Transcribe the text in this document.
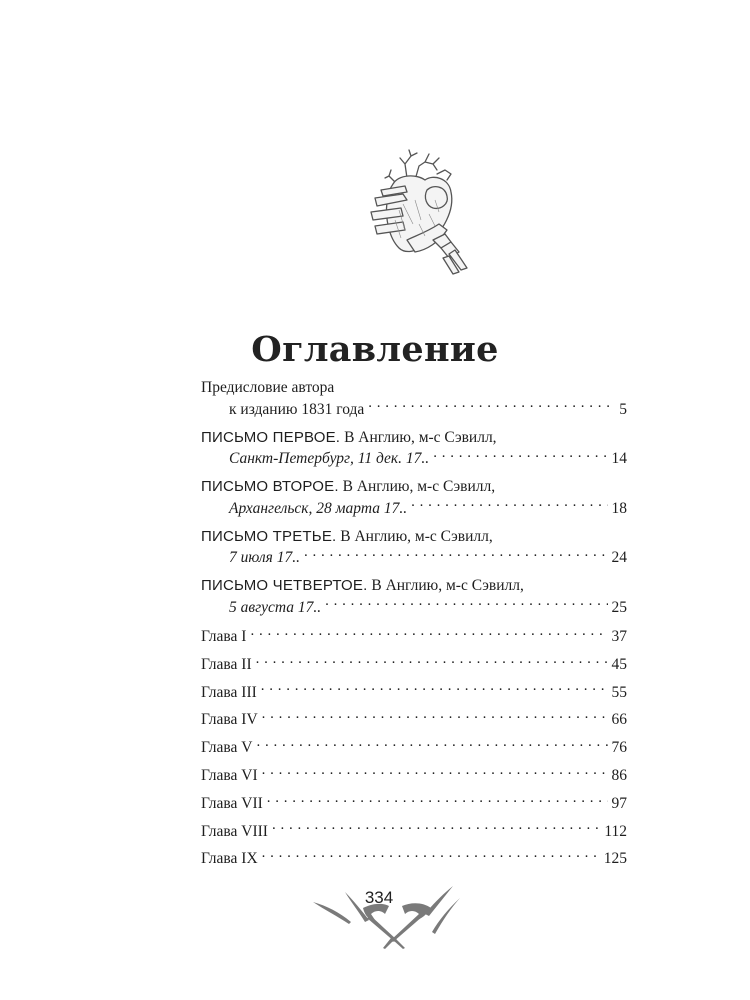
Оглавление
Предисловие автора
к изданию 1831 года . . .	5
ПИСЬМО ПЕРВОЕ. В Англию, м-с Сэвилл,
Санкт-Петербург, 11 дек. 17.. . . .	14
ПИСЬМО ВТОРОЕ. В Англию, м-с Сэвилл,
Архангельск, 28 марта 17.. . . .	18
ПИСЬМО ТРЕТЬЕ. В Англию, м-с Сэвилл,
7 июля 17.. . . .	24
ПИСЬМО ЧЕТВЕРТОЕ. В Англию, м-с Сэвилл,
5 августа 17.. . . .	25
Глава I . . .	37
Глава II . . .	45
Глава III . . .	55
Глава IV . . .	66
Глава V . . .	76
Глава VI . . .	86
Глава VII . . .	97
Глава VIII . . .	112
Глава IX . . .	125
334
